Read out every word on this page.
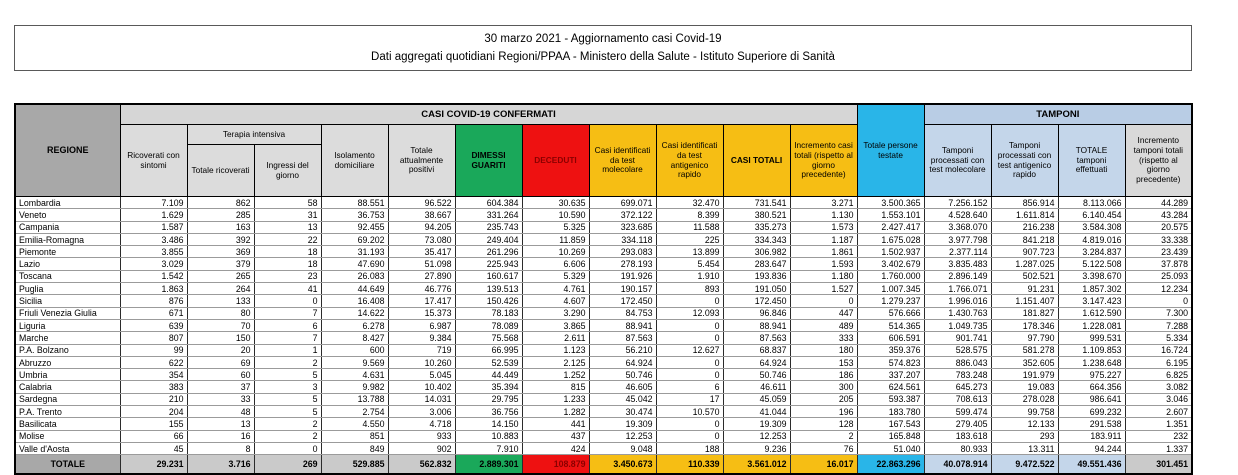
30 marzo 2021 - Aggiornamento casi Covid-19
Dati aggregati quotidiani Regioni/PPAA - Ministero della Salute - Istituto Superiore di Sanità
REGIONE	CASI COVID-19 CONFERMATI											Totale persone testate	TAMPONI			
	Ricoverati con sintomi	Terapia intensiva		Isolamento domiciliare	Totale attualmente positivi	DIMESSI GUARITI	DECEDUTI	Casi identificati da test molecolare	Casi identificati da test antigenico rapido	CASI TOTALI	Incremento casi totali (rispetto al giorno precedente)		Tamponi processati con test molecolare	Tamponi processati con test antigenico rapido	TOTALE tamponi effettuati	Incremento tamponi totali (rispetto al giorno precedente)
		Totale ricoverati	Ingressi del giorno													
Lombardia	7.109	862	58	88.551	96.522	604.384	30.635	699.071	32.470	731.541	3.271	3.500.365	7.256.152	856.914	8.113.066	44.289
Veneto	1.629	285	31	36.753	38.667	331.264	10.590	372.122	8.399	380.521	1.130	1.553.101	4.528.640	1.611.814	6.140.454	43.284
Campania	1.587	163	13	92.455	94.205	235.743	5.325	323.685	11.588	335.273	1.573	2.427.417	3.368.070	216.238	3.584.308	20.575
Emilia-Romagna	3.486	392	22	69.202	73.080	249.404	11.859	334.118	225	334.343	1.187	1.675.028	3.977.798	841.218	4.819.016	33.338
Piemonte	3.855	369	18	31.193	35.417	261.296	10.269	293.083	13.899	306.982	1.861	1.502.937	2.377.114	907.723	3.284.837	23.439
Lazio	3.029	379	18	47.690	51.098	225.943	6.606	278.193	5.454	283.647	1.593	3.402.679	3.835.483	1.287.025	5.122.508	37.878
Toscana	1.542	265	23	26.083	27.890	160.617	5.329	191.926	1.910	193.836	1.180	1.760.000	2.896.149	502.521	3.398.670	25.093
Puglia	1.863	264	41	44.649	46.776	139.513	4.761	190.157	893	191.050	1.527	1.007.345	1.766.071	91.231	1.857.302	12.234
Sicilia	876	133	0	16.408	17.417	150.426	4.607	172.450	0	172.450	0	1.279.237	1.996.016	1.151.407	3.147.423	0
Friuli Venezia Giulia	671	80	7	14.622	15.373	78.183	3.290	84.753	12.093	96.846	447	576.666	1.430.763	181.827	1.612.590	7.300
Liguria	639	70	6	6.278	6.987	78.089	3.865	88.941	0	88.941	489	514.365	1.049.735	178.346	1.228.081	7.288
Marche	807	150	7	8.427	9.384	75.568	2.611	87.563	0	87.563	333	606.591	901.741	97.790	999.531	5.334
P.A. Bolzano	99	20	1	600	719	66.995	1.123	56.210	12.627	68.837	180	359.376	528.575	581.278	1.109.853	16.724
Abruzzo	622	69	2	9.569	10.260	52.539	2.125	64.924	0	64.924	153	574.823	886.043	352.605	1.238.648	6.195
Umbria	354	60	5	4.631	5.045	44.449	1.252	50.746	0	50.746	186	337.207	783.248	191.979	975.227	6.825
Calabria	383	37	3	9.982	10.402	35.394	815	46.605	6	46.611	300	624.561	645.273	19.083	664.356	3.082
Sardegna	210	33	5	13.788	14.031	29.795	1.233	45.042	17	45.059	205	593.387	708.613	278.028	986.641	3.046
P.A. Trento	204	48	5	2.754	3.006	36.756	1.282	30.474	10.570	41.044	196	183.780	599.474	99.758	699.232	2.607
Basilicata	155	13	2	4.550	4.718	14.150	441	19.309	0	19.309	128	167.543	279.405	12.133	291.538	1.351
Molise	66	16	2	851	933	10.883	437	12.253	0	12.253	2	165.848	183.618	293	183.911	232
Valle d'Aosta	45	8	0	849	902	7.910	424	9.048	188	9.236	76	51.040	80.933	13.311	94.244	1.337
TOTALE	29.231	3.716	269	529.885	562.832	2.889.301	108.879	3.450.673	110.339	3.561.012	16.017	22.863.296	40.078.914	9.472.522	49.551.436	301.451
